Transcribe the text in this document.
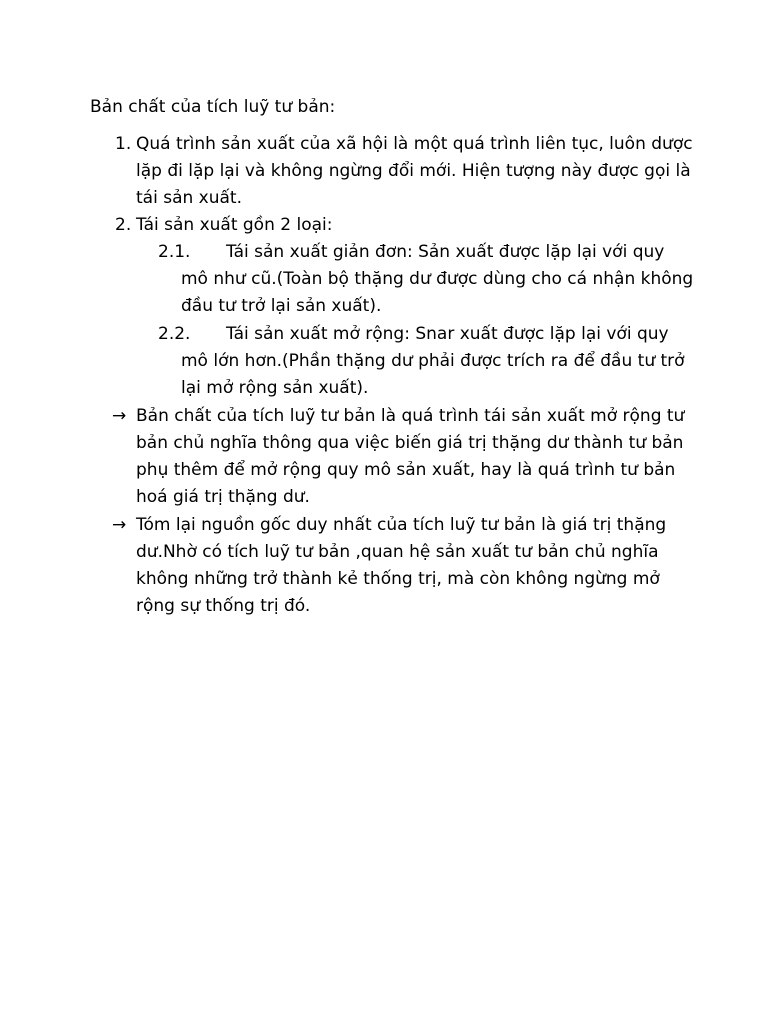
Bản chất của tích luỹ tư bản:
1. Quá trình sản xuất của xã hội là một quá trình liên tục, luôn dược
lặp đi lặp lại và không ngừng đổi mới. Hiện tượng này được gọi là
tái sản xuất.
2. Tái sản xuất gồn 2 loại:
2.1. Tái sản xuất giản đơn: Sản xuất được lặp lại với quy
mô như cũ.(Toàn bộ thặng dư được dùng cho cá nhận không
đầu tư trở lại sản xuất).
2.2. Tái sản xuất mở rộng: Snar xuất được lặp lại với quy
mô lớn hơn.(Phần thặng dư phải được trích ra để đầu tư trở
lại mở rộng sản xuất).
→ Bản chất của tích luỹ tư bản là quá trình tái sản xuất mở rộng tư
bản chủ nghĩa thông qua việc biến giá trị thặng dư thành tư bản
phụ thêm để mở rộng quy mô sản xuất, hay là quá trình tư bản
hoá giá trị thặng dư.
→ Tóm lại nguồn gốc duy nhất của tích luỹ tư bản là giá trị thặng
dư.Nhờ có tích luỹ tư bản ,quan hệ sản xuất tư bản chủ nghĩa
không những trở thành kẻ thống trị, mà còn không ngừng mở
rộng sự thống trị đó.
